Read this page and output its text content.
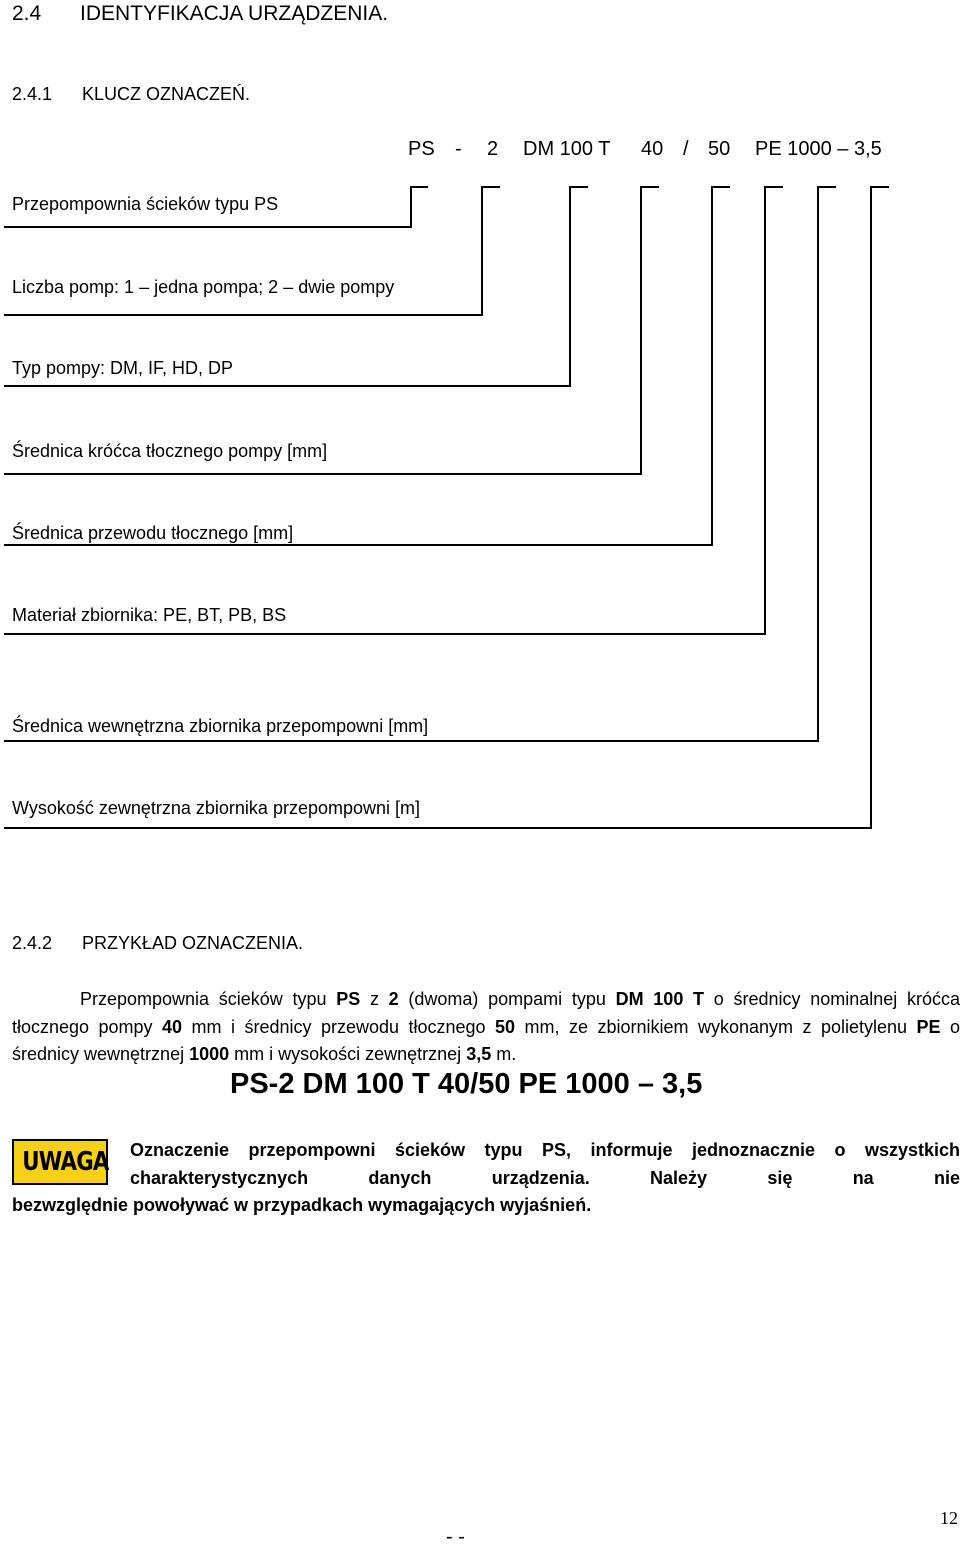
2.4 IDENTYFIKACJA URZĄDZENIA.
2.4.1 KLUCZ OZNACZEŃ.
PS - 2 DM 100 T 40 / 50 PE 1000 – 3,5
Przepompownia ścieków typu PS
Liczba pomp: 1 – jedna pompa; 2 – dwie pompy
Typ pompy: DM, IF, HD, DP
Średnica króćca tłocznego pompy [mm]
Średnica przewodu tłocznego [mm]
Materiał zbiornika: PE, BT, PB, BS
Średnica wewnętrzna zbiornika przepompowni [mm]
Wysokość zewnętrzna zbiornika przepompowni [m]
2.4.2 PRZYKŁAD OZNACZENIA.
Przepompownia ścieków typu PS z 2 (dwoma) pompami typu DM 100 T o średnicy nominalnej króćca tłocznego pompy 40 mm i średnicy przewodu tłocznego 50 mm, ze zbiornikiem wykonanym z polietylenu PE o średnicy wewnętrznej 1000 mm i wysokości zewnętrznej 3,5 m.
PS-2 DM 100 T 40/50 PE 1000 – 3,5
UWAGA Oznaczenie przepompowni ścieków typu PS, informuje jednoznacznie o wszystkich charakterystycznych danych urządzenia. Należy się na nie
bezwzględnie powoływać w przypadkach wymagających wyjaśnień.
- -
12
